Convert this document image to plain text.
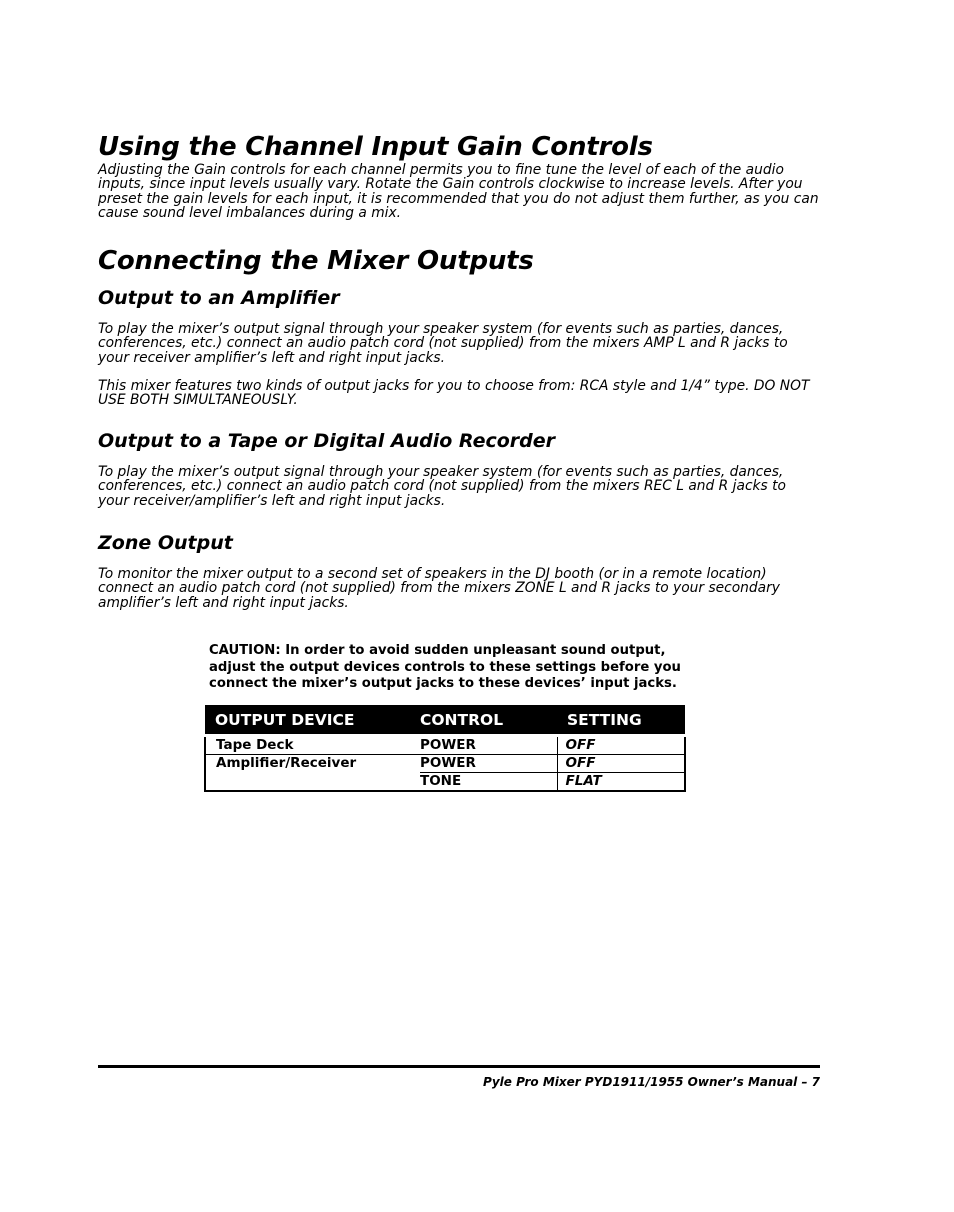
Using the Channel Input Gain Controls

Adjusting the Gain controls for each channel permits you to fine tune the level of each of the audio inputs, since input levels usually vary. Rotate the Gain controls clockwise to increase levels. After you preset the gain levels for each input, it is recommended that you do not adjust them further, as you can cause sound level imbalances during a mix.

Connecting the Mixer Outputs
Output to an Amplifier

To play the mixer’s output signal through your speaker system (for events such as parties, dances, conferences, etc.) connect an audio patch cord (not supplied) from the mixers AMP L and R jacks to your receiver amplifier’s left and right input jacks.

This mixer features two kinds of output jacks for you to choose from: RCA style and 1/4” type. DO NOT USE BOTH SIMULTANEOUSLY.

Output to a Tape or Digital Audio Recorder

To play the mixer’s output signal through your speaker system (for events such as parties, dances, conferences, etc.) connect an audio patch cord (not supplied) from the mixers REC L and R jacks to your receiver/amplifier’s left and right input jacks.

Zone Output

To monitor the mixer output to a second set of speakers in the DJ booth (or in a remote location) connect an audio patch cord (not supplied) from the mixers ZONE L and R jacks to your secondary amplifier’s left and right input jacks.

CAUTION: In order to avoid sudden unpleasant sound output, adjust the output devices controls to these settings before you connect the mixer’s output jacks to these devices’ input jacks.
OUTPUT DEVICE	CONTROL	SETTING
Tape Deck	POWER	OFF
Amplifier/Receiver	POWER	OFF
	TONE	FLAT
Pyle Pro Mixer PYD1911/1955 Owner’s Manual – 7
